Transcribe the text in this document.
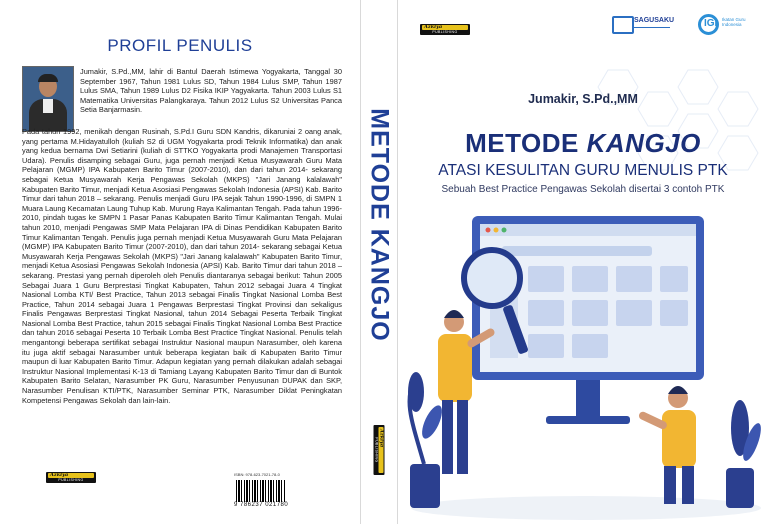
PROFIL PENULIS

Jumakir, S.Pd.,MM, lahir di Bantul Daerah Istimewa Yogyakarta, Tanggal 30 September 1967, Tahun 1981 Lulus SD, Tahun 1984 Lulus SMP, Tahun 1987 Lulus SMA, Tahun 1989 Lulus D2 Fisika IKIP Yagyakarta. Tahun 2003 Lulus S1 Matematika Universitas Palangkaraya. Tahun 2012 Lulus S2 Universitas Panca Setia Banjarmasin.

Pada tahun 1992, menikah dengan Rusinah, S.Pd.I Guru SDN Kandris, dikaruniai 2 oang anak, yang pertama M.Hidayatulloh (kuliah S2 di UGM Yogyakarta prodi Teknik Informatika) dan anak yang kedua bernama Dwi Setiarini (kuliah di STTKO Yogyakarta prodi Manajemen Transportasi Udara). Penulis disamping sebagai Guru, juga pernah menjadi Ketua Musyawarah Guru Mata Pelajaran (MGMP) IPA Kabupaten Barito Timur (2007-2010), dan dari tahun 2014- sekarang sebagai Ketua Musyawarah Kerja Pengawas Sekolah (MKPS) "Jari Janang kalalawah" Kabupaten Barito Timur, menjadi Ketua Asosiasi Pengawas Sekolah Indonesia (APSI) Kab. Barito Timur dari tahun 2018 – sekarang. Penulis menjadi Guru IPA sejak Tahun 1990-1996, di SMPN 1 Muara Laung Kecamatan Laung Tuhup Kab. Murung Raya Kalimantan Tengah. Pada tahun 1996-2010, pindah tugas ke SMPN 1 Pasar Panas Kabupaten Barito Timur Kalimantan Tengah. Mulai tahun 2010, menjadi Pengawas SMP Mata Pelajaran IPA di Dinas Pendidikan Kabupaten Barito Timur Kalimantan Tengah. Penulis juga pernah menjadi Ketua Musyawarah Guru Mata Pelajaran (MGMP) IPA Kabupaten Barito Timur (2007-2010), dan dari tahun 2014- sekarang sebagai Ketua Musyawarah Kerja Pengawas Sekolah (MKPS) "Jari Janang kalalawah" Kabupaten Barito Timur, menjadi Ketua Asosiasi Pengawas Sekolah Indonesia (APSI) Kab. Barito Timur dari tahun 2018 – sekarang. Prestasi yang pernah diperoleh oleh Penulis diantaranya sebagai berikut: Tahun 2005 Sebagai Juara 1 Guru Berprestasi Tingkat Kabupaten, Tahun 2012 sebagai Juara 4 Tingkat Nasional Lomba KTI/ Best Practice, Tahun 2013 sebagai Finalis Tingkat Nasional Lomba Best Practice, Tahun 2014 sebagai Juara 1 Pengawas Berprestasi Tingkat Provinsi dan sekaligus Finalis Pengawas Berprestasi Tingkat Nasional, tahun 2014 Sebagai Peserta Terbaik Tingkat Nasional Lomba Best Practice, tahun 2015 sebagai Finalis Tingkat Nasional Lomba Best Practice dan tahun 2016 sebagai Peserta 10 Terbaik Lomba Best Practice Tingkat Nasional. Penulis telah mengantongi beberapa sertifikat sebagai Instruktur Nasional maupun Narasumber, oleh karena itu juga aktif sebagai Narasumber untuk beberapa kegiatan baik di Kabupaten Barito Timur maupun di luar Kabupaten Barito Timur. Adapun kegiatan yang pernah dilakukan adalah sebagai Instruktur Nasional Implementasi K-13 di Tamiang Layang Kabupaten Barito Timur dan di Buntok Kabupaten Barito Selatan, Narasumber PK Guru, Narasumber Penyusunan DUPAK dan SKP, Narasumber Penulisan KTI/PTK, Narasumber Seminar PTK, Narasumber Diklat Peningkatan Kompetensi Pengawas Sekolah dan lain-lain.

Azkiya
PUBLISHING
ISBN: 978-623-7021-78-0
9 786237 021780
METODE KANGJO
Azkiya
PUBLISHING
Azkiya
PUBLISHING
SAGUSAKU	IGI Ikatan Guru Indonesia
Jumakir, S.Pd.,MM
METODE KANGJO
ATASI KESULITAN GURU MENULIS PTK
Sebuah Best Practice Pengawas Sekolah disertai 3 contoh PTK
